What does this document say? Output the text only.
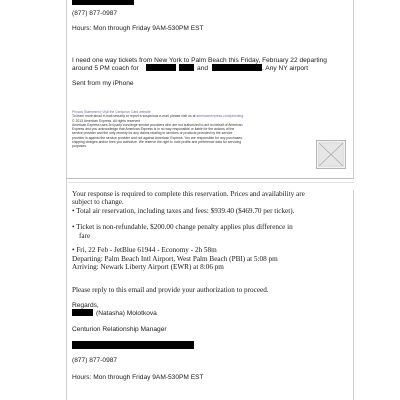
(877) 877-0987
Hours: Mon through Friday 9AM-530PM EST
I need one way tickets from New York to Palm Beach this Friday, February 22 departing
around 5 PM coach for	and	. Any NY airport
Sent from my iPhone
Privacy Statement | Visit the Centurion Card website
To learn more about e-mail security or report a suspicious e-mail, please visit us at americanexpress.com/phishing.
© 2013 American Express. All rights reserved
American Express uses 3rd party concierge service providers who are not authorized to act on behalf of American
Express and you acknowledge that American Express is in no way responsible or liable for the actions of the
service provider and the only remedy for any claims relating to services or products provided by the service
provider is against the service provider and not against American Express. You are responsible for any purchases,
shipping charges and/or fees you authorize. We reserve the right to note profile and preference data for servicing
purposes.
Your response is required to complete this reservation. Prices and availability are
subject to change.
• Total air reservation, including taxes and fees: $939.40 ($469.70 per ticket).
• Ticket is non-refundable, $200.00 change penalty applies plus difference in
fare
• Fri, 22 Feb - JetBlue 61944 - Economy - 2h 58m
Departing: Palm Beach Intl Airport, West Palm Beach (PBI) at 5:08 pm
Arriving: Newark Liberty Airport (EWR) at 8:06 pm
Please reply to this email and provide your authorization to proceed.
Regards,
(Natasha) Molotkova
Centurion Relationship Manager
(877) 877-0987
Hours: Mon through Friday 9AM-530PM EST
